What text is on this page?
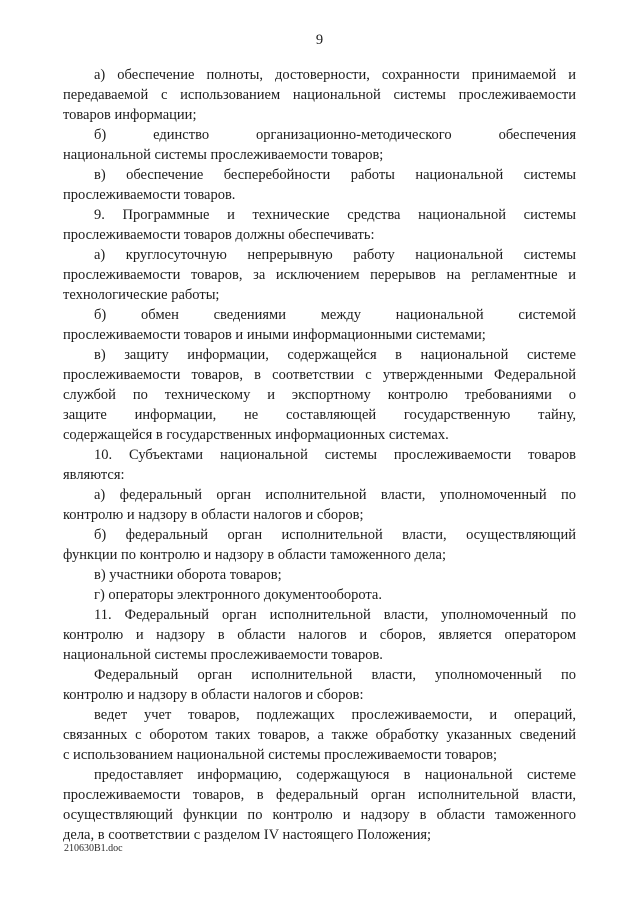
9
а) обеспечение полноты, достоверности, сохранности принимаемой и
передаваемой с использованием национальной системы прослеживаемости
товаров информации;
б) единство организационно-методического обеспечения
национальной системы прослеживаемости товаров;
в) обеспечение бесперебойности работы национальной системы
прослеживаемости товаров.
9. Программные и технические средства национальной системы
прослеживаемости товаров должны обеспечивать:
а) круглосуточную непрерывную работу национальной системы
прослеживаемости товаров, за исключением перерывов на регламентные и
технологические работы;
б) обмен сведениями между национальной системой
прослеживаемости товаров и иными информационными системами;
в) защиту информации, содержащейся в национальной системе
прослеживаемости товаров, в соответствии с утвержденными Федеральной
службой по техническому и экспортному контролю требованиями о
защите информации, не составляющей государственную тайну,
содержащейся в государственных информационных системах.
10. Субъектами национальной системы прослеживаемости товаров
являются:
а) федеральный орган исполнительной власти, уполномоченный по
контролю и надзору в области налогов и сборов;
б) федеральный орган исполнительной власти, осуществляющий
функции по контролю и надзору в области таможенного дела;
в) участники оборота товаров;
г) операторы электронного документооборота.
11. Федеральный орган исполнительной власти, уполномоченный по
контролю и надзору в области налогов и сборов, является оператором
национальной системы прослеживаемости товаров.
Федеральный орган исполнительной власти, уполномоченный по
контролю и надзору в области налогов и сборов:
ведет учет товаров, подлежащих прослеживаемости, и операций,
связанных с оборотом таких товаров, а также обработку указанных сведений
с использованием национальной системы прослеживаемости товаров;
предоставляет информацию, содержащуюся в национальной системе
прослеживаемости товаров, в федеральный орган исполнительной власти,
осуществляющий функции по контролю и надзору в области таможенного
дела, в соответствии с разделом IV настоящего Положения;
210630B1.doc
